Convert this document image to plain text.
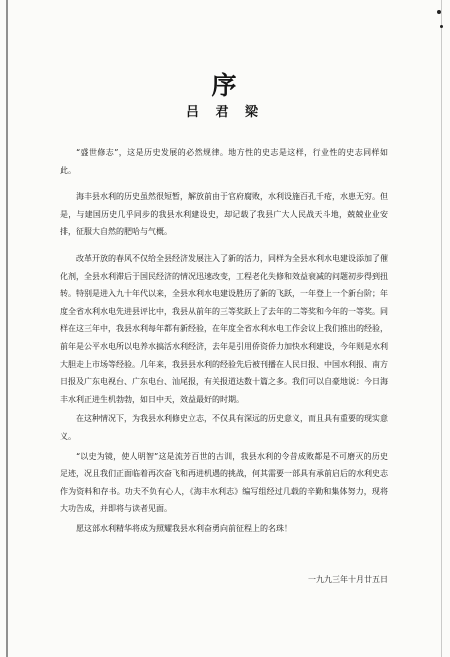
序
吕 君 梁

“盛世修志”，这是历史发展的必然规律。地方性的史志是这样，行业性的史志同样如此。

海丰县水利的历史虽然很短暂，解放前由于官府腐败，水利设施百孔千疮，水患无穷。但是，与建国历史几乎同步的我县水利建设史，却记载了我县广大人民战天斗地，兢兢业业安排，征服大自然的肥哈与气概。

改革开放的春风不仅给全县经济发展注入了新的活力，同样为全县水利水电建设添加了催化剂，全县水利滞后于国民经济的情况迅速改变，工程老化失修和效益衰减的问题初步得到扭转。特别是进入九十年代以来，全县水利水电建设胜历了新的飞跃，一年登上一个新台阶；年度全省水利水电先进县评比中，我县从前年的三等奖跃上了去年的二等奖和今年的一等奖。同样在这三年中，我县水利每年都有新经验，在年度全省水利水电工作会议上我们推出的经验，前年是公平水电所以电养水搞活水利经济，去年是引用侨资侨力加快水利建设，今年则是水利大胆走上市场等经验。几年来，我县县水利的经验先后被刊播在人民日报、中国水利报、南方日报及广东电视台、广东电台、汕尾报，有关报道达数十篇之多。我们可以自豪地说：今日海丰水利正进生机勃勃，如日中天，效益最好的时期。

在这种情况下，为我县水利修史立志，不仅具有深远的历史意义，而且具有重要的现实意义。

“以史为镜，使人明智”这是流芳百世的古训，我县水利的令昔成败都是不可磨灭的历史足迹，况且我们正面临着再次奋飞和再进机遇的挑战，何其需要一部具有承前启后的水利史志作为资料和存书。功夫不负有心人，《海丰水利志》编写组经过几载的辛勤和集体努力，现将大功告成，并即将与读者见面。

愿这部水利精华将成为照耀我县水利奋勇向前征程上的名珠！

一九九三年十月廿五日
